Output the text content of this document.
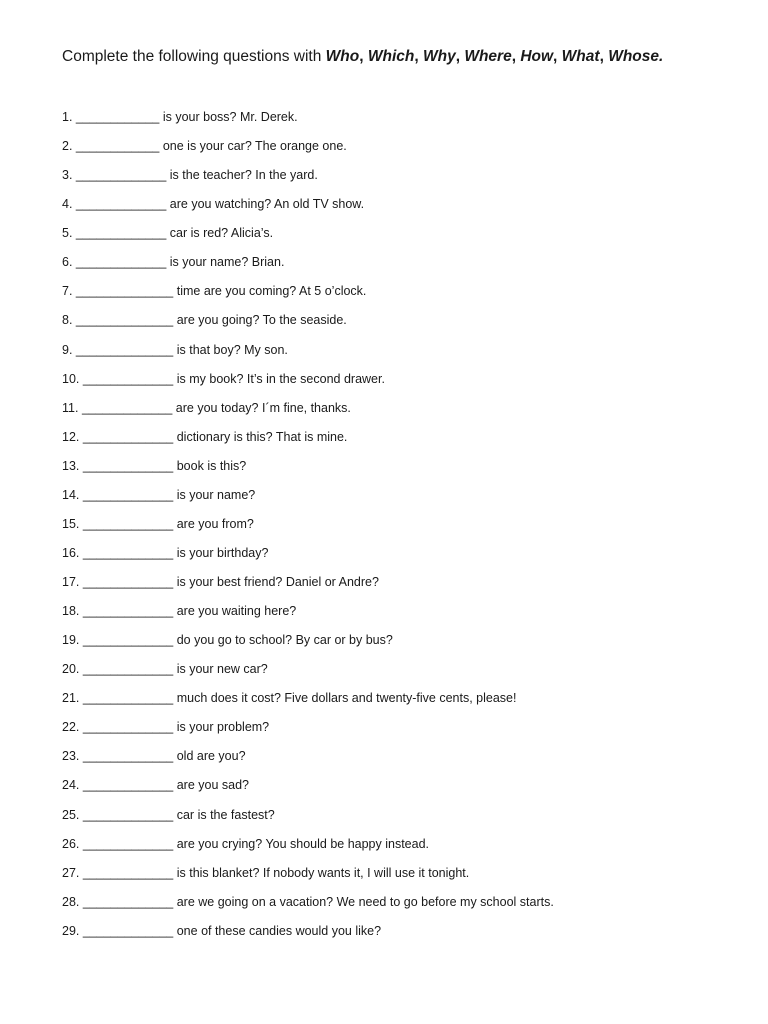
Complete the following questions with Who, Which, Why, Where, How, What, Whose.
1. ____________ is your boss? Mr. Derek.
2. ____________ one is your car? The orange one.
3. _____________ is the teacher? In the yard.
4. _____________ are you watching? An old TV show.
5. _____________ car is red? Alicia’s.
6. _____________ is your name? Brian.
7. ______________ time are you coming? At 5 o’clock.
8. ______________ are you going? To the seaside.
9. ______________ is that boy? My son.
10. _____________ is my book? It’s in the second drawer.
11. _____________ are you today? I´m fine, thanks.
12. _____________ dictionary is this? That is mine.
13. _____________ book is this?
14. _____________ is your name?
15. _____________ are you from?
16. _____________ is your birthday?
17. _____________ is your best friend? Daniel or Andre?
18. _____________ are you waiting here?
19. _____________ do you go to school? By car or by bus?
20. _____________ is your new car?
21. _____________ much does it cost? Five dollars and twenty-five cents, please!
22. _____________ is your problem?
23. _____________ old are you?
24. _____________ are you sad?
25. _____________ car is the fastest?
26. _____________ are you crying? You should be happy instead.
27. _____________ is this blanket? If nobody wants it, I will use it tonight.
28. _____________ are we going on a vacation? We need to go before my school starts.
29. _____________ one of these candies would you like?
